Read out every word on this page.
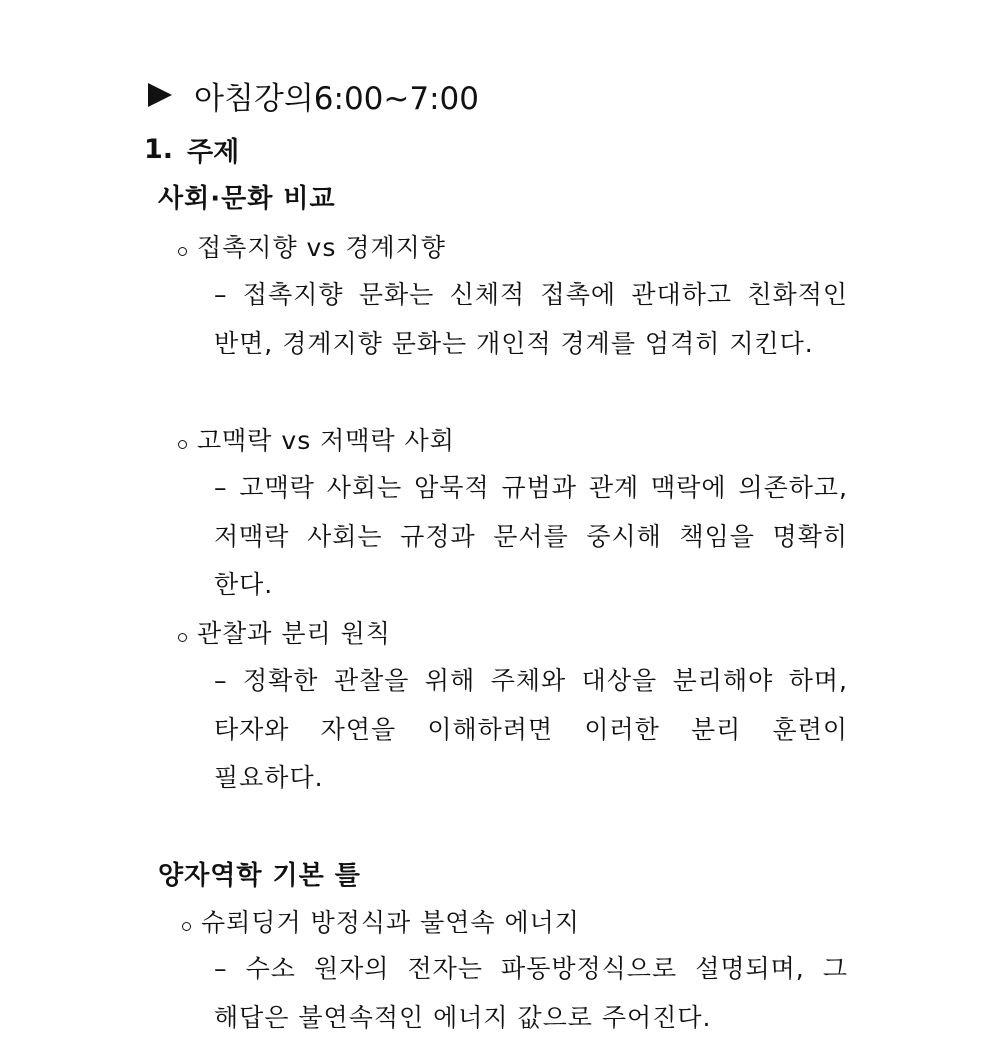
아침강의6:00~7:00
1. 주제
사회·문화 비교
접촉지향 vs 경계지향
– 접촉지향 문화는 신체적 접촉에 관대하고 친화적인 반면, 경계지향 문화는 개인적 경계를 엄격히 지킨다.
고맥락 vs 저맥락 사회
– 고맥락 사회는 암묵적 규범과 관계 맥락에 의존하고, 저맥락 사회는 규정과 문서를 중시해 책임을 명확히 한다.
관찰과 분리 원칙
– 정확한 관찰을 위해 주체와 대상을 분리해야 하며, 타자와 자연을 이해하려면 이러한 분리 훈련이 필요하다.
양자역학 기본 틀
슈뢰딩거 방정식과 불연속 에너지
– 수소 원자의 전자는 파동방정식으로 설명되며, 그 해답은 불연속적인 에너지 값으로 주어진다.
